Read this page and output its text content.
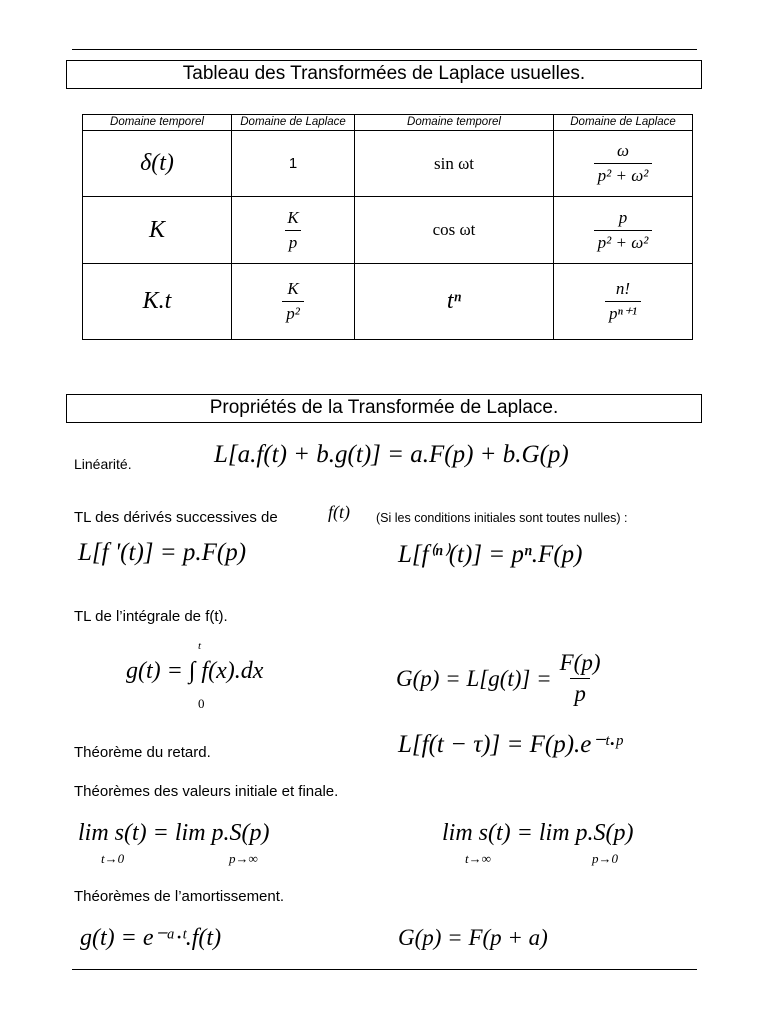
Tableau des Transformées de Laplace usuelles.
Domaine temporel	Domaine de Laplace	Domaine temporel	Domaine de Laplace
δ(t)	1	sin ωt	$\frac{\omega}{\text{p² + ω²}}$

K	$\frac{K}{p}$	cos ωt	$\frac{p}{\text{p² + ω²}}$

K.t	$\frac{K}{\text{p²}}$	tⁿ	$\frac{n!}{\text{pⁿ⁺¹}}$
Propriétés de la Transformée de Laplace.
Linéarité.	L[a.f(t) + b.g(t)] = a.F(p) + b.G(p)
TL des dérivés successives de	f(t) (Si les conditions initiales sont toutes nulles) :
L[f '(t)] = p.F(p)	L[f⁽ⁿ⁾(t)] = pⁿ.F(p)
TL de l’intégrale de f(t).
t
g(t) = ∫ f(x).dx
0
$G(p) = L[g(t)] = \frac{F(p)}{p}$
Théorème du retard.	L[f(t − τ)] = F(p).e⁻ᵗ·ᵖ
Théorèmes des valeurs initiale et finale.
lim s(t) = lim p.S(p)
t→0	p→∞
lim s(t) = lim p.S(p)
t→∞	p→0
Théorèmes de l’amortissement.
g(t) = e⁻ᵃ·ᵗ.f(t)	G(p) = F(p + a)
